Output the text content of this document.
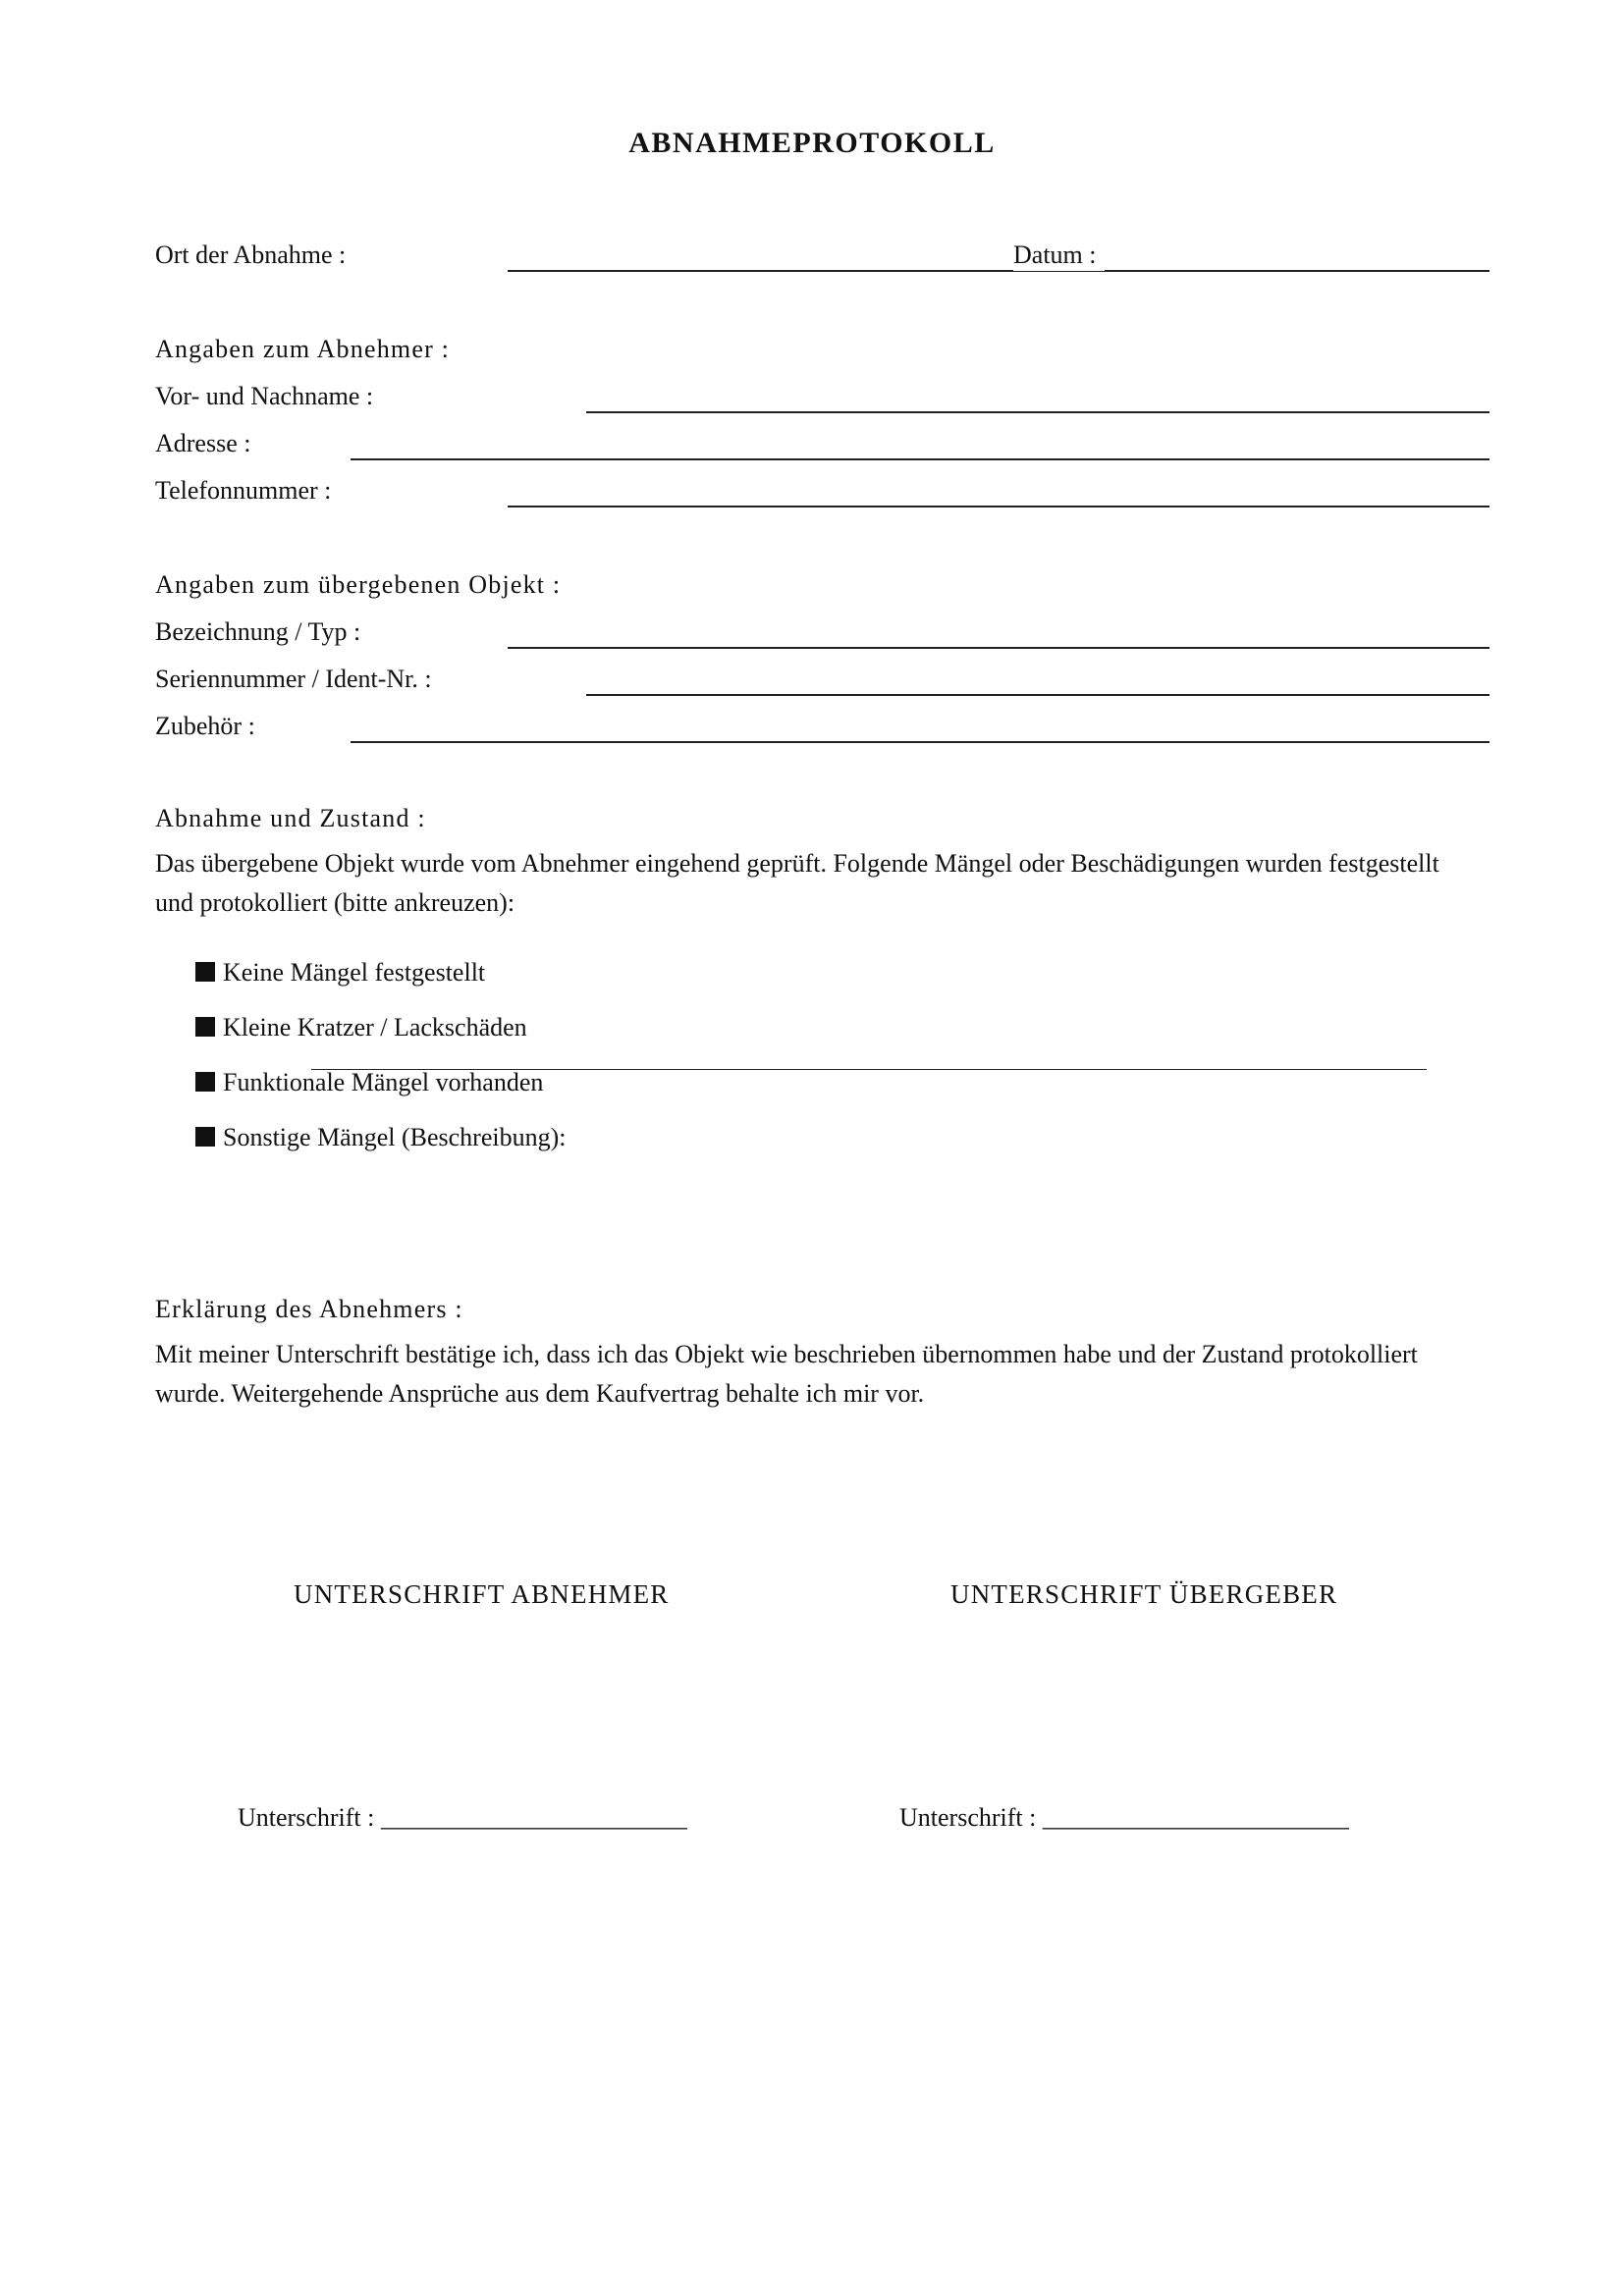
ABNAHMEPROTOKOLL

Ort der Abnahme :	Datum :

Angaben zum Abnehmer :

Vor- und Nachname :

Adresse :

Telefonnummer :

Angaben zum übergebenen Objekt :

Bezeichnung / Typ :

Seriennummer / Ident-Nr. :

Zubehör :

Abnahme und Zustand :

Das übergebene Objekt wurde vom Abnehmer eingehend geprüft. Folgende Mängel oder Beschädigungen wurden festgestellt und protokolliert (bitte ankreuzen):

Keine Mängel festgestellt
Kleine Kratzer / Lackschäden
Funktionale Mängel vorhanden
Sonstige Mängel (Beschreibung):

Erklärung des Abnehmers :

Mit meiner Unterschrift bestätige ich, dass ich das Objekt wie beschrieben übernommen habe und der Zustand protokolliert wurde. Weitergehende Ansprüche aus dem Kaufvertrag behalte ich mir vor.

UNTERSCHRIFT ABNEHMER	UNTERSCHRIFT ÜBERGEBER

Unterschrift : ________________________	Unterschrift : ________________________
